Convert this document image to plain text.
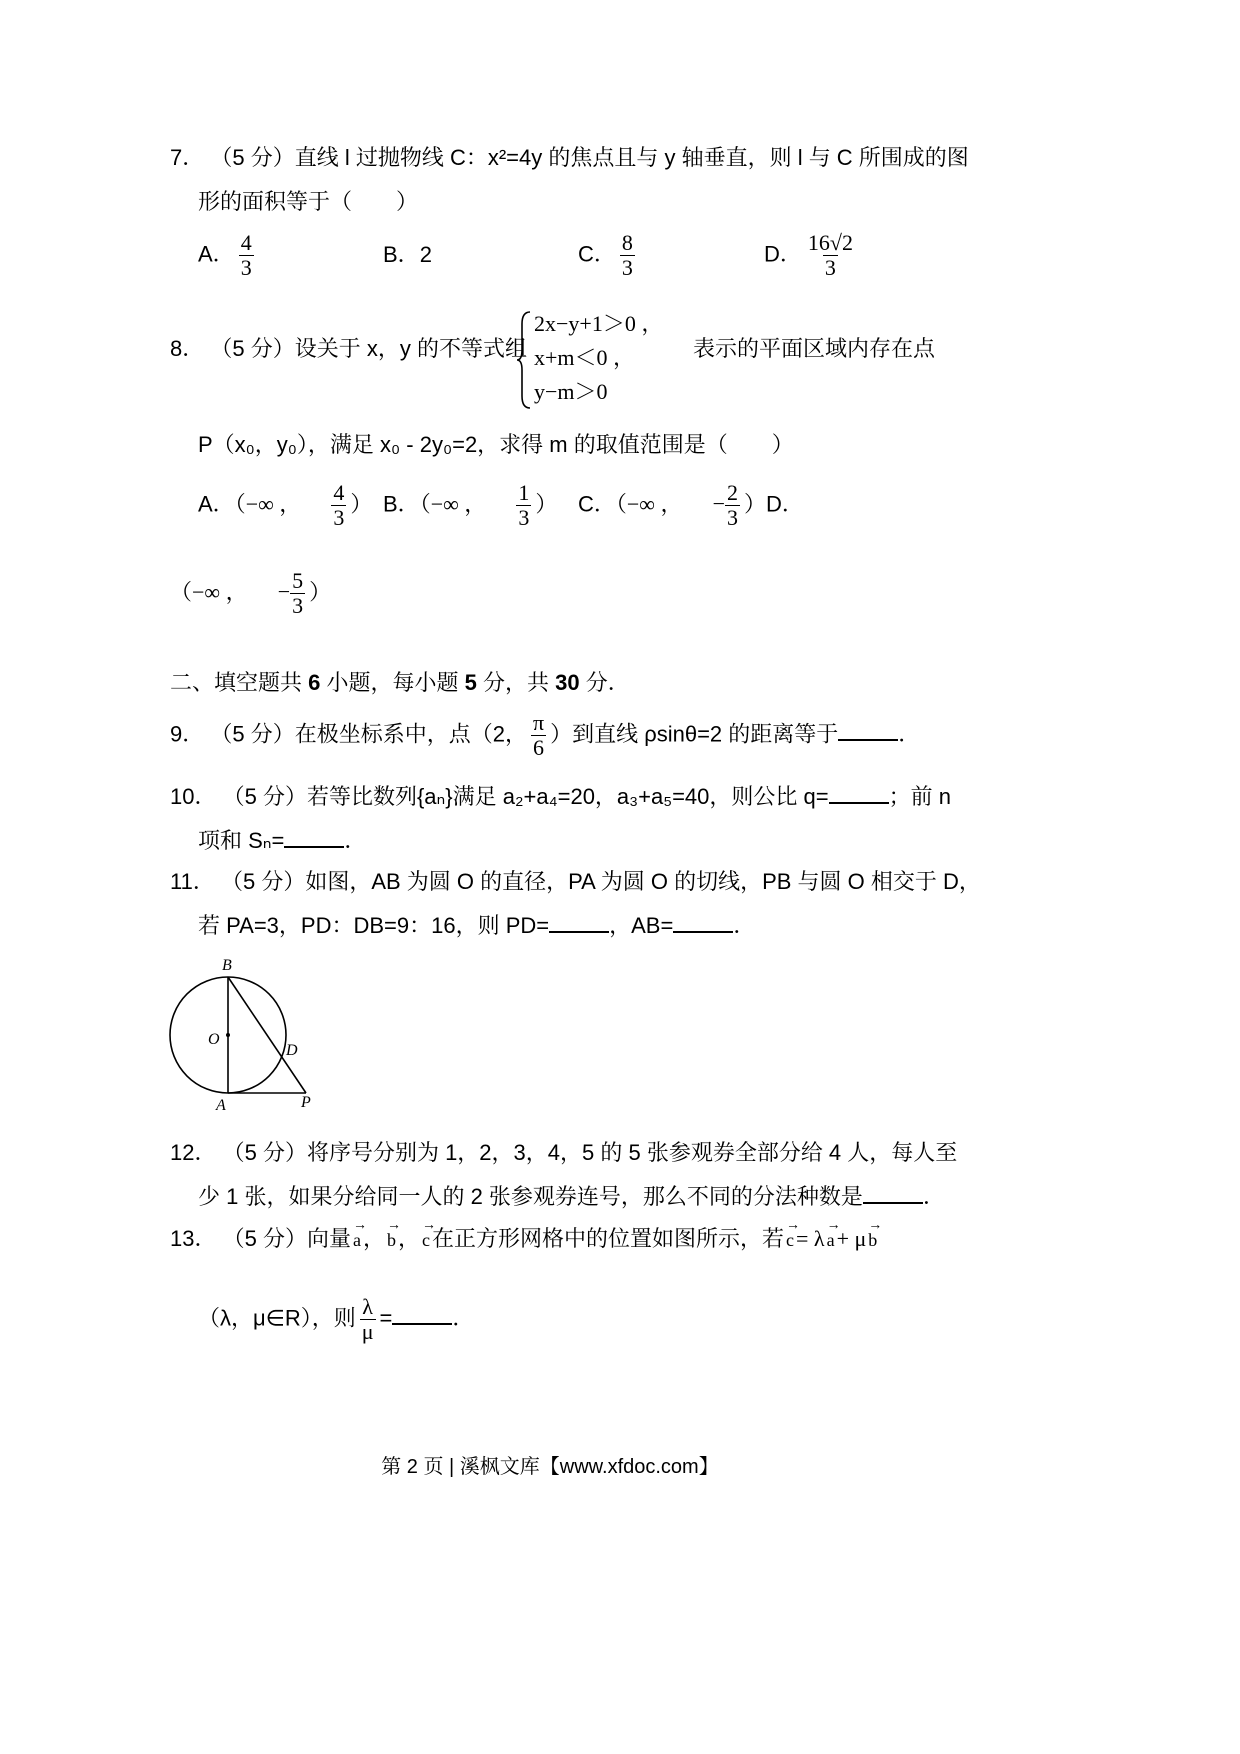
7． （5 分）直线 l 过抛物线 C：x²=4y 的焦点且与 y 轴垂直，则 l 与 C 所围成的图
形的面积等于（　　）
A． $\frac{4}{3}$	B．2	C． $\frac{8}{3}$	D． $\frac{16√2}{3}$
8． （5 分）设关于 x，y 的不等式组
2x−y+1＞0 ，
x+m＜0 ，
y−m＞0
表示的平面区域内存在点
P（x₀，y₀），满足 x₀ - 2y₀=2，求得 m 的取值范围是（　　）
A．（−∞ ， $\frac{4}{3}$ ） B．（−∞ ， $\frac{1}{3}$ ） C．（−∞ ， − $\frac{2}{3} )D$．
（−∞ ， − $\frac{5}{3}$ ）
二、填空题共 6 小题，每小题 5 分，共 30 分．
9． （5 分）在极坐标系中，点（2， $\frac{\pi}{6}$ ）到直线 ρsinθ=2 的距离等于	．
10． （5 分）若等比数列{aₙ}满足 a₂+a₄=20，a₃+a₅=40，则公比 q=	；前 n
项和 Sₙ=	．
11． （5 分）如图，AB 为圆 O 的直径，PA 为圆 O 的切线，PB 与圆 O 相交于 D，
若 PA=3，PD：DB=9：16，则 PD=	，AB=	．
B
O
D
A	P
12． （5 分）将序号分别为 1，2，3，4，5 的 5 张参观券全部分给 4 人，每人至
少 1 张，如果分给同一人的 2 张参观券连号，那么不同的分法种数是	．
13． （5 分）向量
→
a，
→
b，
→
c在正方形网格中的位置如图所示，若
→
c= λ
→
a+ μ
→
b
（λ，μ∈R），则 $\frac{\lambda}{\mu}$ =	．
第 2 页 | 溪枫文库【www.xfdoc.com】
